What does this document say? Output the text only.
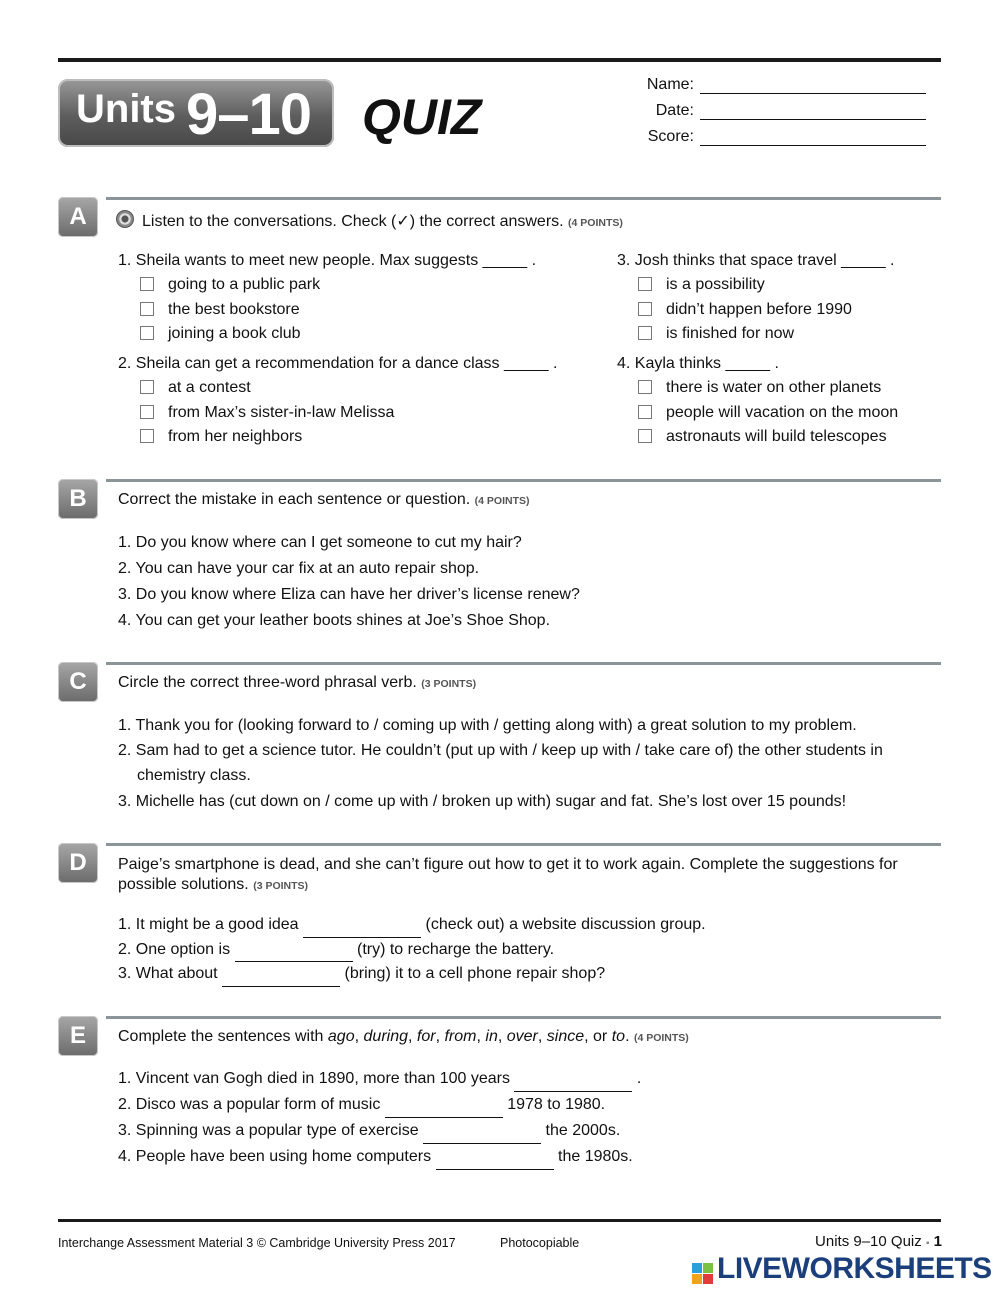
Units 9–10 QUIZ
Name:
Date:
Score:
A	Listen to the conversations. Check (✓) the correct answers. (4 POINTS)
1. Sheila wants to meet new people. Max suggests _____ .
going to a public park
the best bookstore
joining a book club
2. Sheila can get a recommendation for a dance class _____ .
at a contest
from Max’s sister-in-law Melissa
from her neighbors
3. Josh thinks that space travel _____ .
is a possibility
didn’t happen before 1990
is finished for now
4. Kayla thinks _____ .
there is water on other planets
people will vacation on the moon
astronauts will build telescopes
B	Correct the mistake in each sentence or question. (4 POINTS)
1. Do you know where can I get someone to cut my hair?
2. You can have your car fix at an auto repair shop.
3. Do you know where Eliza can have her driver’s license renew?
4. You can get your leather boots shines at Joe’s Shoe Shop.
C	Circle the correct three-word phrasal verb. (3 POINTS)
1. Thank you for (looking forward to / coming up with / getting along with) a great solution to my problem.
2. Sam had to get a science tutor. He couldn’t (put up with / keep up with / take care of) the other students in
chemistry class.
3. Michelle has (cut down on / come up with / broken up with) sugar and fat. She’s lost over 15 pounds!
D	Paige’s smartphone is dead, and she can’t figure out how to get it to work again. Complete the suggestions for
possible solutions. (3 POINTS)
1. It might be a good idea	(check out) a website discussion group.
2. One option is	(try) to recharge the battery.
3. What about	(bring) it to a cell phone repair shop?
E	Complete the sentences with ago, during, for, from, in, over, since, or to. (4 POINTS)
1. Vincent van Gogh died in 1890, more than 100 years	.
2. Disco was a popular form of music	1978 to 1980.
3. Spinning was a popular type of exercise	the 2000s.
4. People have been using home computers	the 1980s.
Interchange Assessment Material 3 © Cambridge University Press 2017	Photocopiable	Units 9–10 Quiz ▪ 1
LIVEWORKSHEETS
